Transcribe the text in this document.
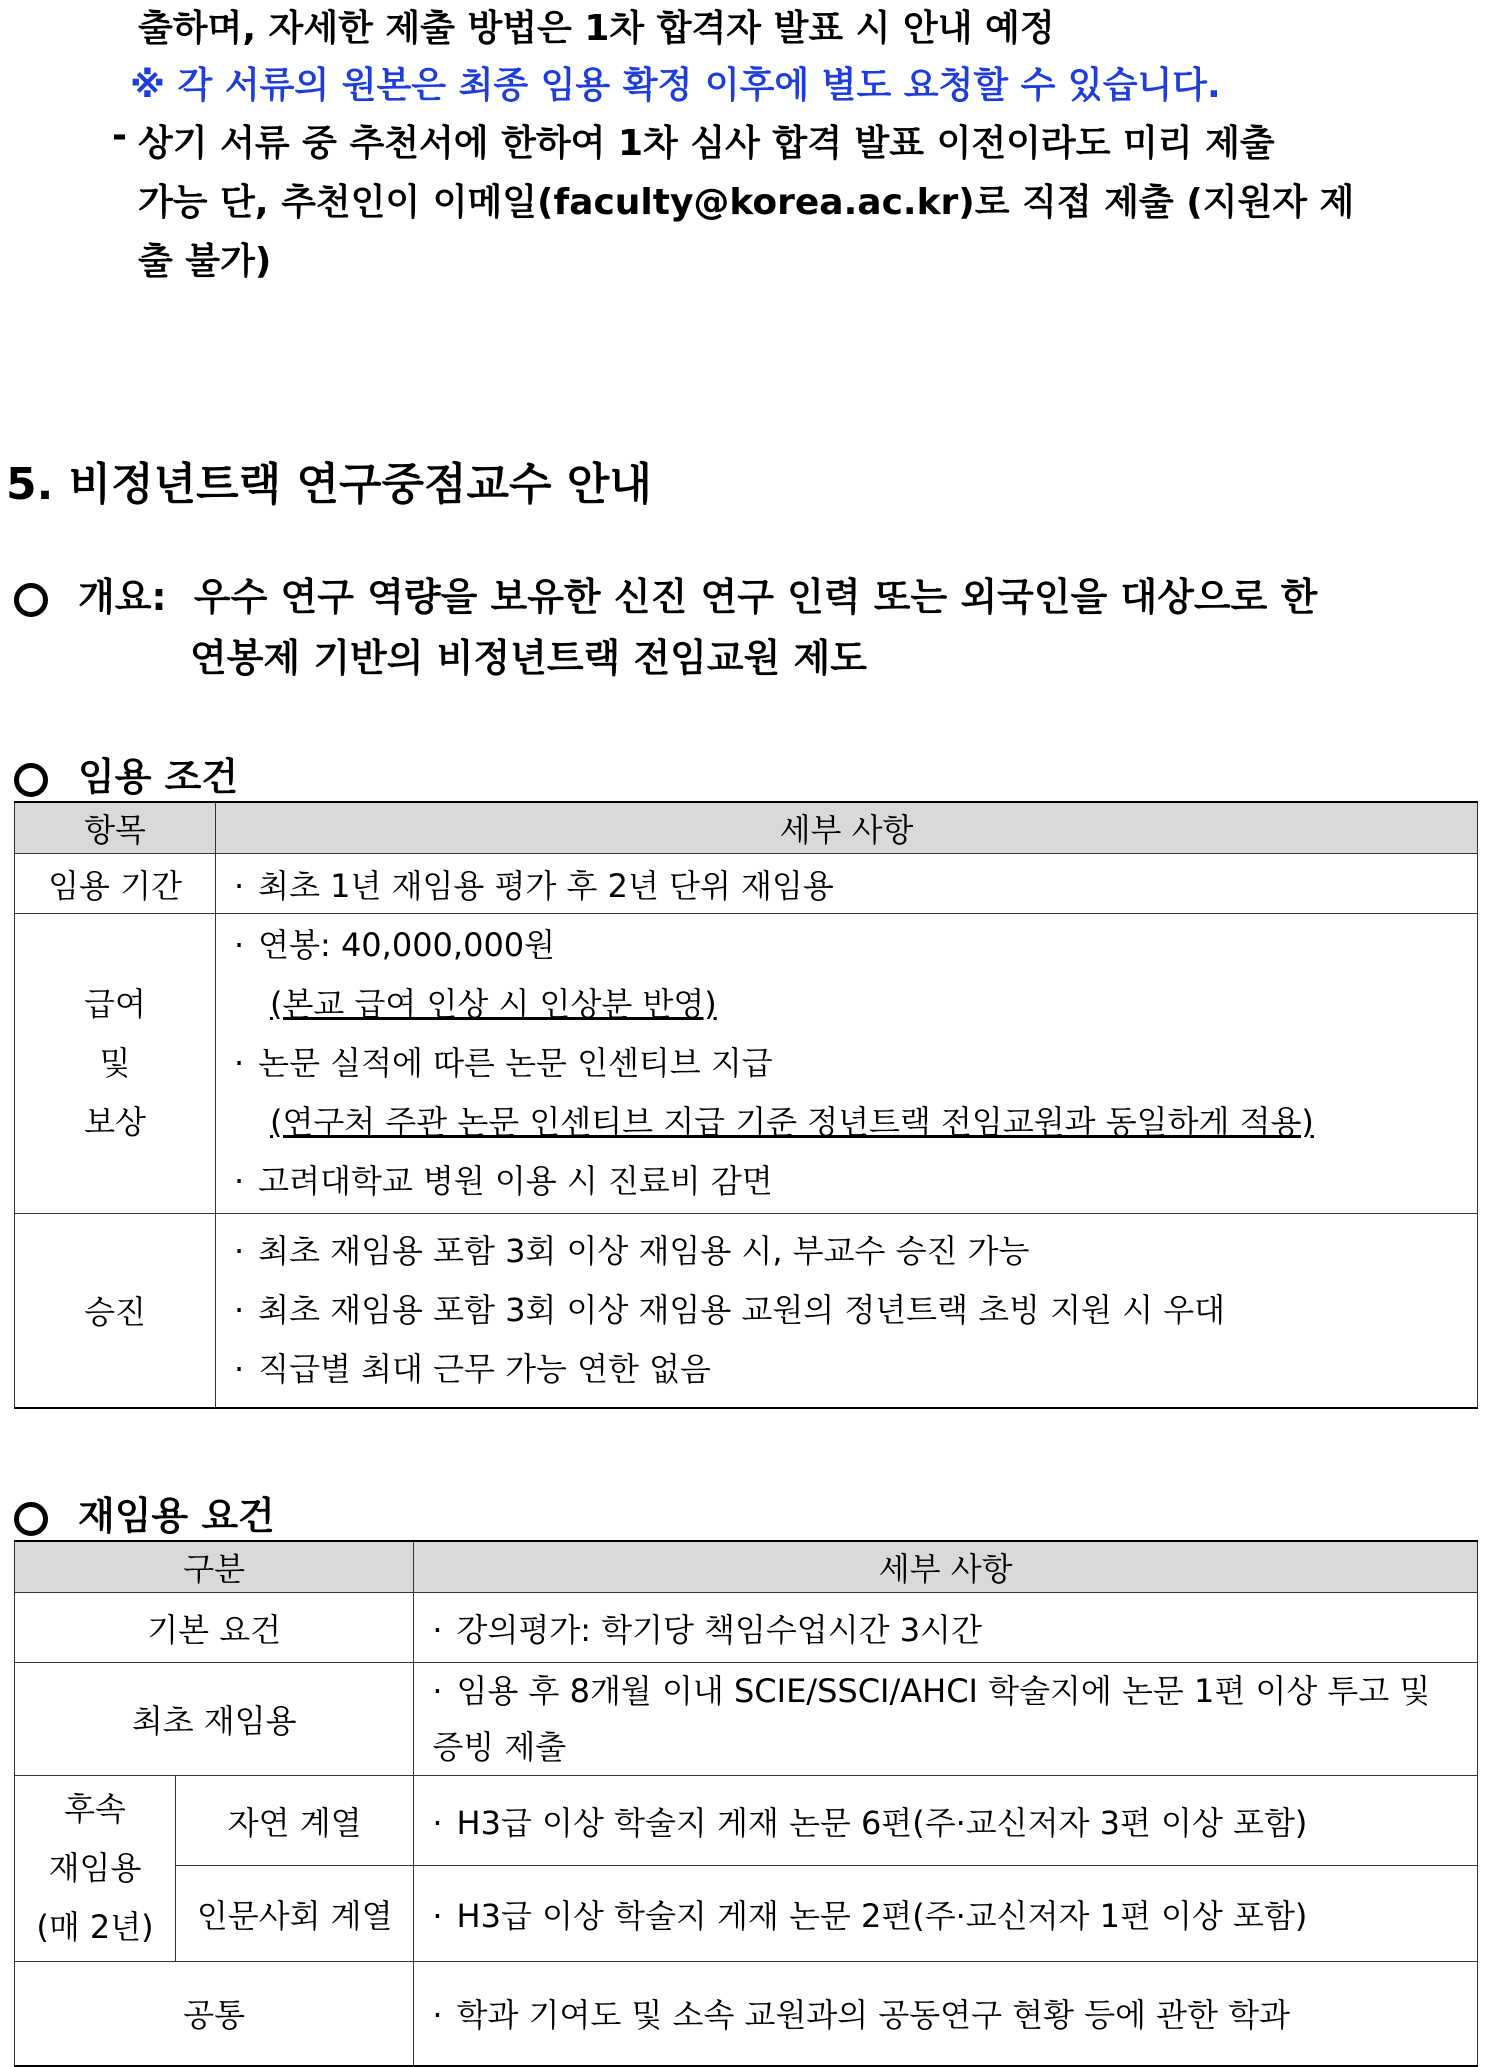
출하며, 자세한 제출 방법은 1차 합격자 발표 시 안내 예정
※ 각 서류의 원본은 최종 임용 확정 이후에 별도 요청할 수 있습니다.
- 상기 서류 중 추천서에 한하여 1차 심사 합격 발표 이전이라도 미리 제출
가능 단, 추천인이 이메일(faculty@korea.ac.kr)로 직접 제출 (지원자 제
출 불가)
5. 비정년트랙 연구중점교수 안내
개요: 우수 연구 역량을 보유한 신진 연구 인력 또는 외국인을 대상으로 한
연봉제 기반의 비정년트랙 전임교원 제도
임용 조건
항목	세부 사항
임용 기간	· 최초 1년 재임용 평가 후 2년 단위 재임용

급여
및
보상	· 연봉: 40,000,000원
(본교 급여 인상 시 인상분 반영)
· 논문 실적에 따른 논문 인센티브 지급
(연구처 주관 논문 인센티브 지급 기준 정년트랙 전임교원과 동일하게 적용)
· 고려대학교 병원 이용 시 진료비 감면

승진	· 최초 재임용 포함 3회 이상 재임용 시, 부교수 승진 가능
· 최초 재임용 포함 3회 이상 재임용 교원의 정년트랙 초빙 지원 시 우대
· 직급별 최대 근무 가능 연한 없음
재임용 요건
구분		세부 사항
기본 요건		· 강의평가: 학기당 책임수업시간 3시간
최초 재임용		· 임용 후 8개월 이내 SCIE/SSCI/AHCI 학술지에 논문 1편 이상 투고 및 증빙 제출

후속
재임용
(매 2년)	자연 계열	· H3급 이상 학술지 게재 논문 6편(주·교신저자 3편 이상 포함)
	인문사회 계열	· H3급 이상 학술지 게재 논문 2편(주·교신저자 1편 이상 포함)
공통		· 학과 기여도 및 소속 교원과의 공동연구 현황 등에 관한 학과
